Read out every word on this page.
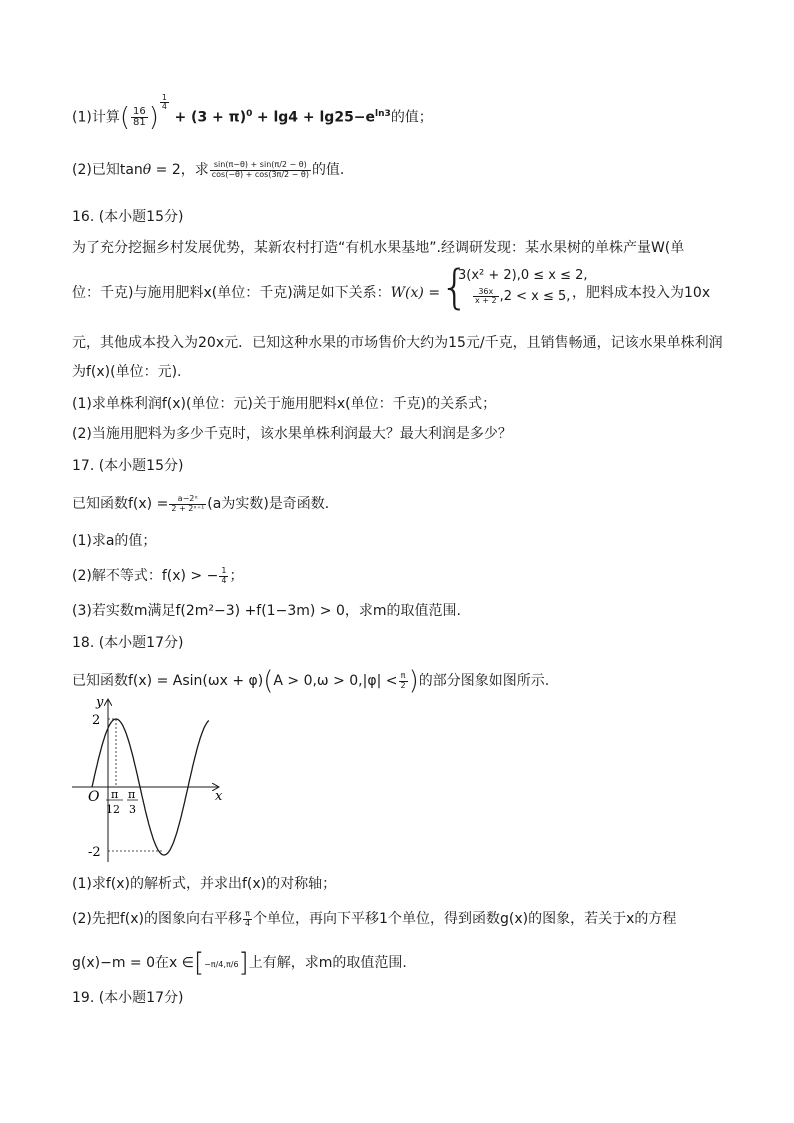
(1)计算( $\frac{16}{81}$ ) $\frac{1}{4}$
+ $(3 + \pi)^0 + \lg 4 + \lg 25-e^{ln3}$的值；
(2)已知tanθ = 2，求 $\frac{\sin(\pi-\theta) + \sin(\pi/2 - \theta)}{\cos(-\theta) + \cos(3\pi/2 - \theta)}$ 的值.
16. (本小题15分)
为了充分挖掘乡村发展优势，某新农村打造“有机水果基地”.经调研发现：某水果树的单株产量W(单
位：千克)与施用肥料x(单位：千克)满足如下关系：W(x) = {
3(x² + 2),0 ≤ x ≤ 2,
$\frac{36x}{x + 2} ,2 < x \le 5$, ，肥料成本投入为10x
元，其他成本投入为20x元．已知这种水果的市场售价大约为15元/千克，且销售畅通，记该水果单株利润
为f(x)(单位：元).
(1)求单株利润f(x)(单位：元)关于施用肥料x(单位：千克)的关系式；
(2)当施用肥料为多少千克时，该水果单株利润最大？最大利润是多少？
17. (本小题15分)
已知函数$f(x) = \frac{\text{a−2ˣ}}{\text{2 + 2ˣ⁺¹}} (a$为实数)是奇函数.
(1)求a的值；
(2)解不等式：f(x) > − $\frac{1}{4}$ ；
(3)若实数m满足f(2m²−3) +f(1−3m) > 0，求m的取值范围.
18. (本小题17分)
已知函数$f(x) = Asin(\omega x + \varphi)(A > 0,\omega > 0,|\varphi| < \frac{\pi}{2}$ )的部分图象如图所示.
y
x
O
2
-2
π
12
π
3
(1)求f(x)的解析式，并求出f(x)的对称轴；
(2)先把f(x)的图象向右平移 $\frac{\pi}{4}$ 个单位，再向下平移1个单位，得到函数g(x)的图象，若关于x的方程
g(x)−m = 0在x ∈[−π/4,π/6]上有解，求m的取值范围.
19. (本小题17分)
